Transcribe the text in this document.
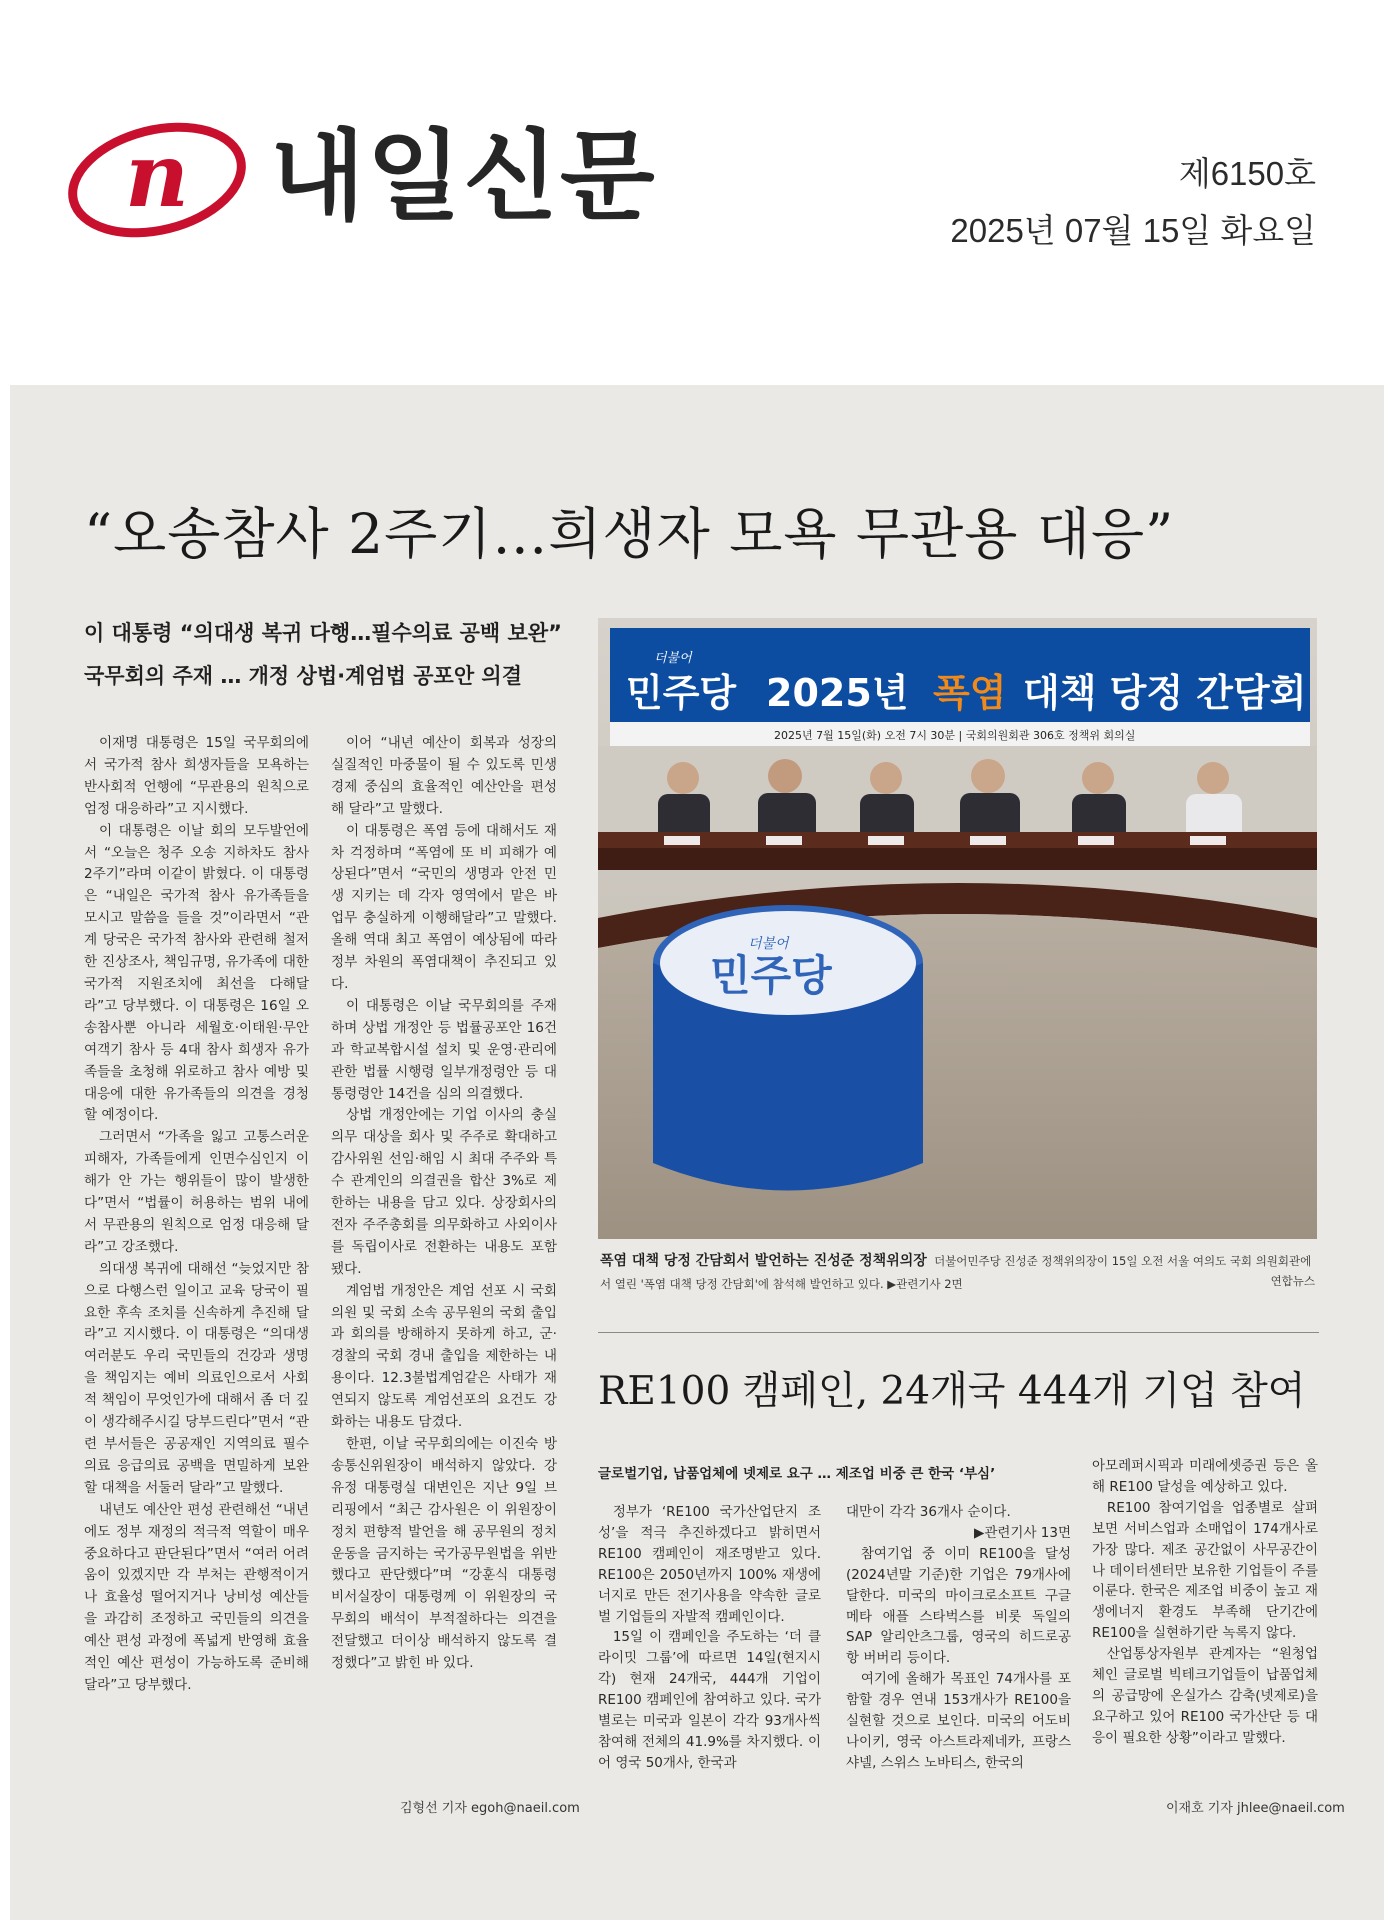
n 내일신문	제6150호
2025년 07월 15일 화요일
“오송참사 2주기…희생자 모욕 무관용 대응”
이 대통령 “의대생 복귀 다행…필수의료 공백 보완”
국무회의 주재 … 개정 상법·계엄법 공포안 의결

이재명 대통령은 15일 국무회의에서 국가적 참사 희생자들을 모욕하는 반사회적 언행에 “무관용의 원칙으로 엄정 대응하라”고 지시했다.

이 대통령은 이날 회의 모두발언에서 “오늘은 청주 오송 지하차도 참사 2주기”라며 이같이 밝혔다. 이 대통령은 “내일은 국가적 참사 유가족들을 모시고 말씀을 들을 것”이라면서 “관계 당국은 국가적 참사와 관련해 철저한 진상조사, 책임규명, 유가족에 대한 국가적 지원조치에 최선을 다해달라”고 당부했다. 이 대통령은 16일 오송참사뿐 아니라 세월호·이태원·무안여객기 참사 등 4대 참사 희생자 유가족들을 초청해 위로하고 참사 예방 및 대응에 대한 유가족들의 의견을 경청할 예정이다.

그러면서 “가족을 잃고 고통스러운 피해자, 가족들에게 인면수심인지 이해가 안 가는 행위들이 많이 발생한다”면서 “법률이 허용하는 범위 내에서 무관용의 원칙으로 엄정 대응해 달라”고 강조했다.

의대생 복귀에 대해선 “늦었지만 참으로 다행스런 일이고 교육 당국이 필요한 후속 조치를 신속하게 추진해 달라”고 지시했다. 이 대통령은 “의대생 여러분도 우리 국민들의 건강과 생명을 책임지는 예비 의료인으로서 사회적 책임이 무엇인가에 대해서 좀 더 깊이 생각해주시길 당부드린다”면서 “관련 부서들은 공공재인 지역의료 필수의료 응급의료 공백을 면밀하게 보완할 대책을 서둘러 달라”고 말했다.

내년도 예산안 편성 관련해선 “내년에도 정부 재정의 적극적 역할이 매우 중요하다고 판단된다”면서 “여러 어려움이 있겠지만 각 부처는 관행적이거나 효율성 떨어지거나 낭비성 예산들을 과감히 조정하고 국민들의 의견을 예산 편성 과정에 폭넓게 반영해 효율적인 예산 편성이 가능하도록 준비해 달라”고 당부했다.

이어 “내년 예산이 회복과 성장의 실질적인 마중물이 될 수 있도록 민생 경제 중심의 효율적인 예산안을 편성해 달라”고 말했다.

이 대통령은 폭염 등에 대해서도 재차 걱정하며 “폭염에 또 비 피해가 예상된다”면서 “국민의 생명과 안전 민생 지키는 데 각자 영역에서 맡은 바 업무 충실하게 이행해달라”고 말했다. 올해 역대 최고 폭염이 예상됨에 따라 정부 차원의 폭염대책이 추진되고 있다.

이 대통령은 이날 국무회의를 주재하며 상법 개정안 등 법률공포안 16건과 학교복합시설 설치 및 운영·관리에 관한 법률 시행령 일부개정령안 등 대통령령안 14건을 심의 의결했다.

상법 개정안에는 기업 이사의 충실 의무 대상을 회사 및 주주로 확대하고 감사위원 선임·해임 시 최대 주주와 특수 관계인의 의결권을 합산 3%로 제한하는 내용을 담고 있다. 상장회사의 전자 주주총회를 의무화하고 사외이사를 독립이사로 전환하는 내용도 포함됐다.

계엄법 개정안은 계엄 선포 시 국회의원 및 국회 소속 공무원의 국회 출입과 회의를 방해하지 못하게 하고, 군·경찰의 국회 경내 출입을 제한하는 내용이다. 12.3불법계엄같은 사태가 재연되지 않도록 계엄선포의 요건도 강화하는 내용도 담겼다.

한편, 이날 국무회의에는 이진숙 방송통신위원장이 배석하지 않았다. 강유정 대통령실 대변인은 지난 9일 브리핑에서 “최근 감사원은 이 위원장이 정치 편향적 발언을 해 공무원의 정치 운동을 금지하는 국가공무원법을 위반했다고 판단했다”며 “강훈식 대통령 비서실장이 대통령께 이 위원장의 국무회의 배석이 부적절하다는 의견을 전달했고 더이상 배석하지 않도록 결정했다”고 밝힌 바 있다.

김형선 기자 egoh@naeil.com
더불어
민주당 2025년 폭염 대책 당정 간담회
2025년 7월 15일(화) 오전 7시 30분 | 국회의원회관 306호 정책위 회의실
더불어
민주당
폭염 대책 당정 간담회서 발언하는 진성준 정책위의장 더불어민주당 진성준 정책위의장이 15일 오전 서울 여의도 국회 의원회관에서 열린 '폭염 대책 당정 간담회'에 참석해 발언하고 있다. ▶관련기사 2면	연합뉴스
RE100 캠페인, 24개국 444개 기업 참여
글로벌기업, 납품업체에 넷제로 요구 … 제조업 비중 큰 한국 ‘부심’

정부가 ‘RE100 국가산업단지 조성’을 적극 추진하겠다고 밝히면서 RE100 캠페인이 재조명받고 있다. RE100은 2050년까지 100% 재생에너지로 만든 전기사용을 약속한 글로벌 기업들의 자발적 캠페인이다.

15일 이 캠페인을 주도하는 ‘더 클라이밋 그룹’에 따르면 14일(현지시각) 현재 24개국, 444개 기업이 RE100 캠페인에 참여하고 있다. 국가별로는 미국과 일본이 각각 93개사씩 참여해 전체의 41.9%를 차지했다. 이어 영국 50개사, 한국과

대만이 각각 36개사 순이다.

▶관련기사 13면

참여기업 중 이미 RE100을 달성(2024년말 기준)한 기업은 79개사에 달한다. 미국의 마이크로소프트 구글 메타 애플 스타벅스를 비롯 독일의 SAP 알리안츠그룹, 영국의 히드로공항 버버리 등이다.

여기에 올해가 목표인 74개사를 포함할 경우 연내 153개사가 RE100을 실현할 것으로 보인다. 미국의 어도비 나이키, 영국 아스트라제네카, 프랑스 샤넬, 스위스 노바티스, 한국의

아모레퍼시픽과 미래에셋증권 등은 올해 RE100 달성을 예상하고 있다.

RE100 참여기업을 업종별로 살펴보면 서비스업과 소매업이 174개사로 가장 많다. 제조 공간없이 사무공간이나 데이터센터만 보유한 기업들이 주를 이룬다. 한국은 제조업 비중이 높고 재생에너지 환경도 부족해 단기간에 RE100을 실현하기란 녹록지 않다.

산업통상자원부 관계자는 “원청업체인 글로벌 빅테크기업들이 납품업체의 공급망에 온실가스 감축(넷제로)을 요구하고 있어 RE100 국가산단 등 대응이 필요한 상황”이라고 말했다.

이재호 기자 jhlee@naeil.com
